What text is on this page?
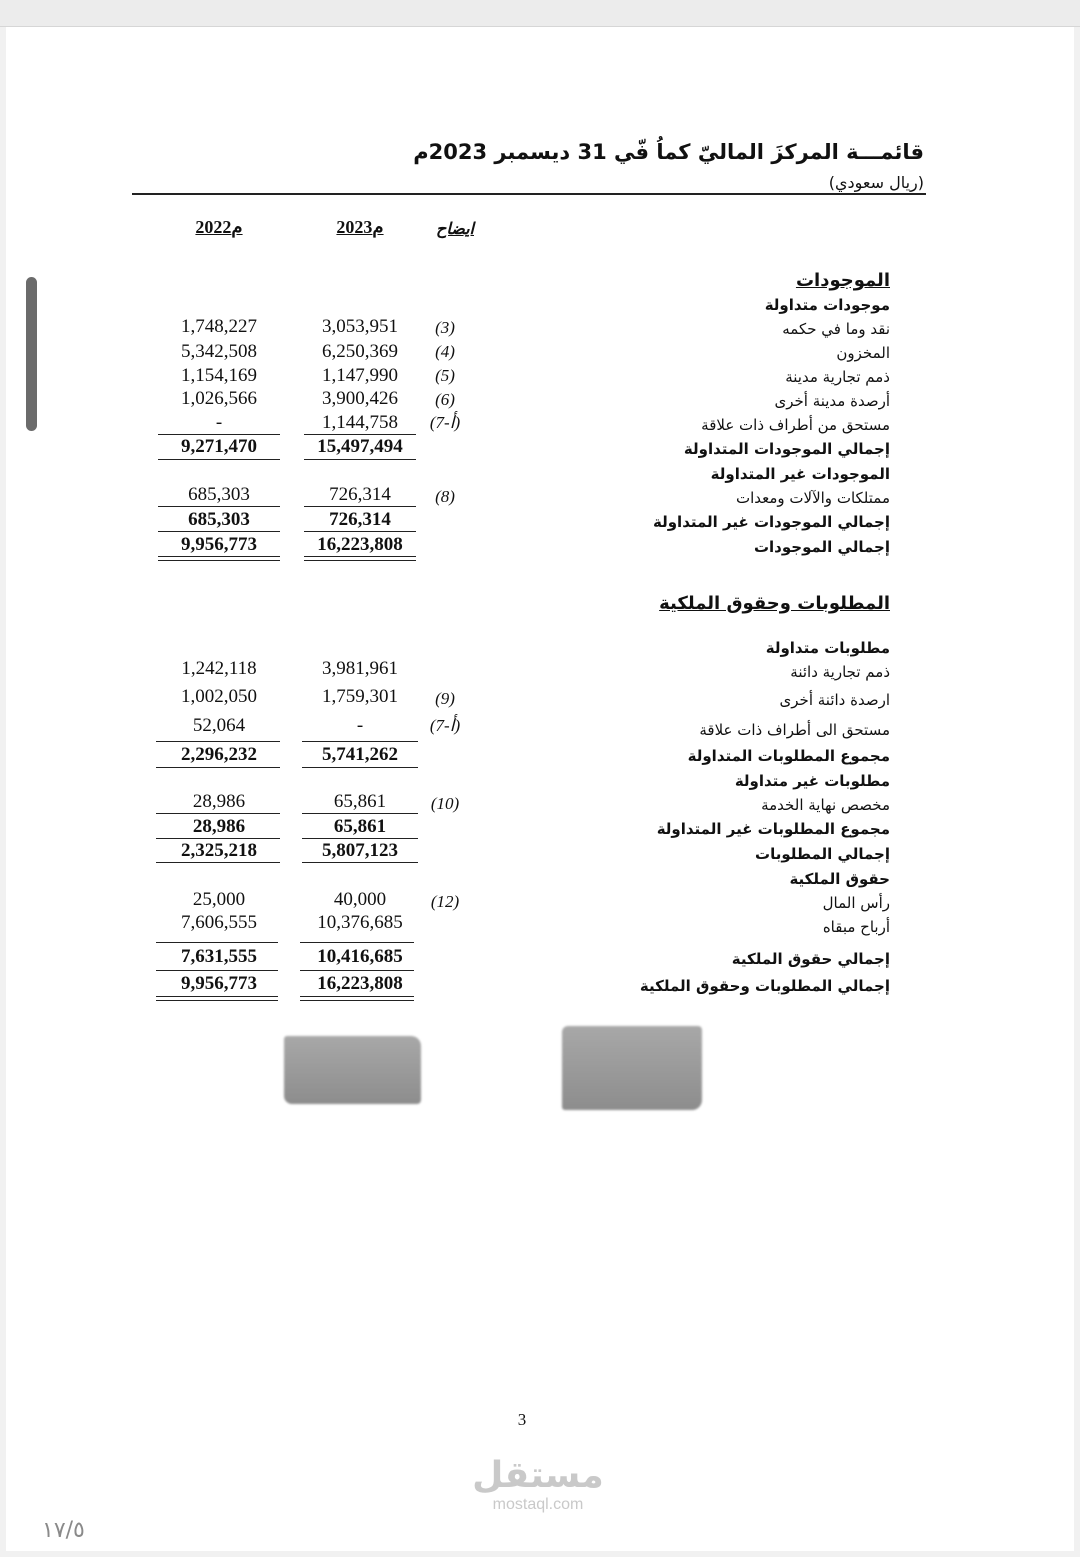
قائمـــة المركزَ الماليّ كماُ فّي 31 ديسمبر 2023م
(ريال سعودي)
ايضاح
2023م
2022م
الموجودات
موجودات متداولة
نقد وما في حكمه
(3)
3,053,951
1,748,227
المخزون
(4)
6,250,369
5,342,508
ذمم تجارية مدينة
(5)
1,147,990
1,154,169
أرصدة مدينة أخرى
(6)
3,900,426
1,026,566
مستحق من أطراف ذات علاقة
(7-أ)
1,144,758
-
إجمالي الموجودات المتداولة
15,497,494
9,271,470
الموجودات غير المتداولة
ممتلكات والآلات ومعدات
(8)
726,314
685,303
إجمالي الموجودات غير المتداولة
726,314
685,303
إجمالي الموجودات
16,223,808
9,956,773
المطلوبات وحقوق الملكية
مطلوبات متداولة
ذمم تجارية دائنة
3,981,961
1,242,118
ارصدة دائنة أخرى
(9)
1,759,301
1,002,050
مستحق الى أطراف ذات علاقة
(7-أ)
-
52,064
مجموع المطلوبات المتداولة
5,741,262
2,296,232
مطلوبات غير متداولة
مخصص نهاية الخدمة
(10)
65,861
28,986
مجموع المطلوبات غير المتداولة
65,861
28,986
إجمالي المطلوبات
5,807,123
2,325,218
حقوق الملكية
رأس المال
(12)
40,000
25,000
أرباح مبقاه
10,376,685
7,606,555
إجمالي حقوق الملكية
10,416,685
7,631,555
إجمالي المطلوبات وحقوق الملكية
16,223,808
9,956,773
3
مستقل
mostaql.com
١٧/٥
